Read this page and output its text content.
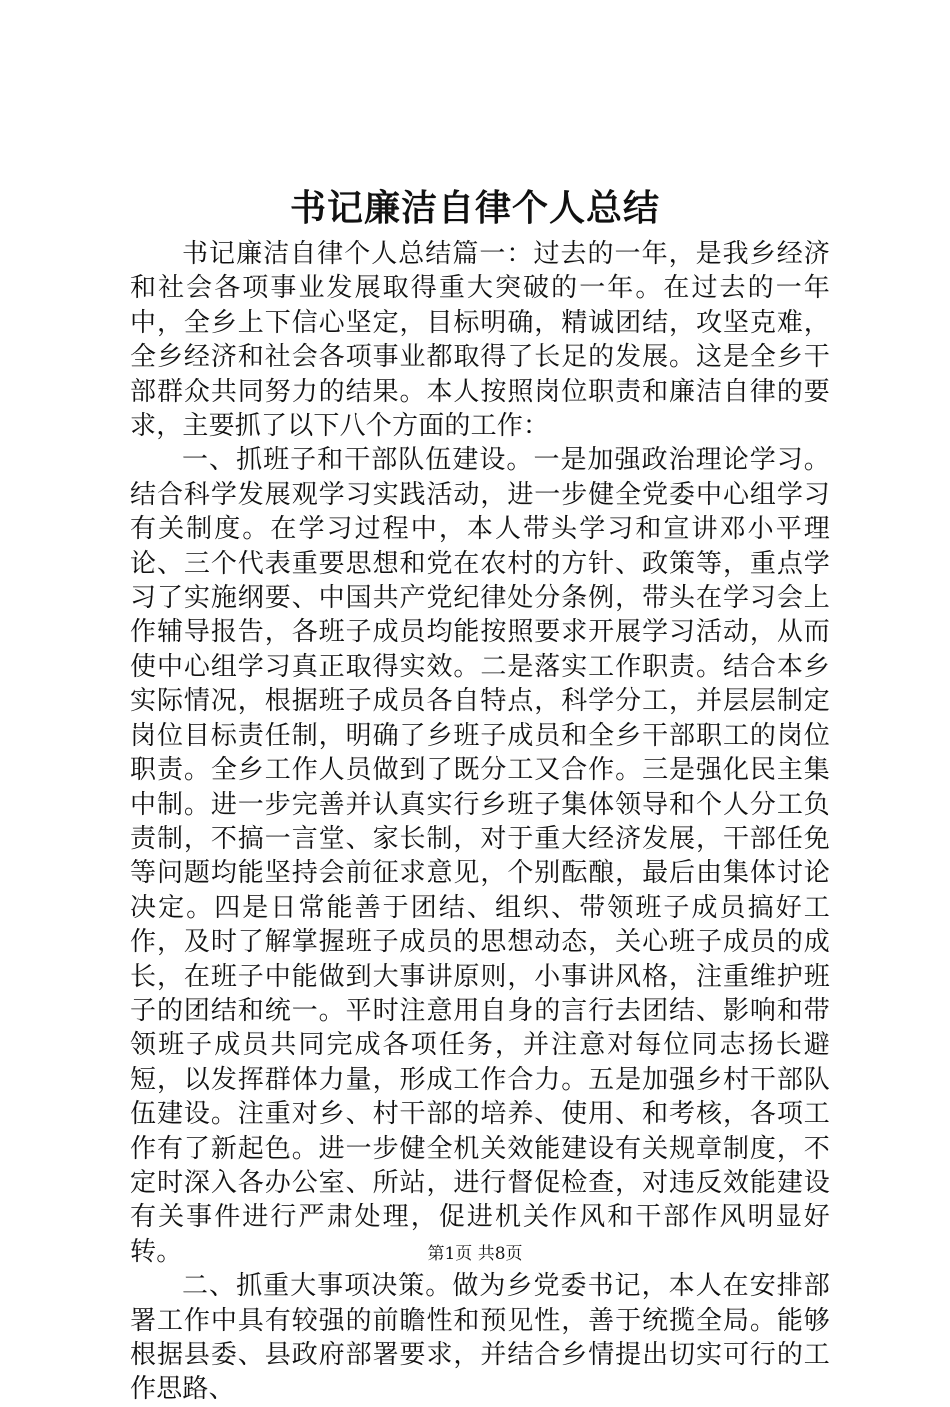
书记廉洁自律个人总结

书记廉洁自律个人总结篇一：过去的一年，是我乡经济和社会各项事业发展取得重大突破的一年。在过去的一年中，全乡上下信心坚定，目标明确，精诚团结，攻坚克难，全乡经济和社会各项事业都取得了长足的发展。这是全乡干部群众共同努力的结果。本人按照岗位职责和廉洁自律的要求，主要抓了以下八个方面的工作：

一、抓班子和干部队伍建设。一是加强政治理论学习。结合科学发展观学习实践活动，进一步健全党委中心组学习有关制度。在学习过程中，本人带头学习和宣讲邓小平理论、三个代表重要思想和党在农村的方针、政策等，重点学习了实施纲要、中国共产党纪律处分条例，带头在学习会上作辅导报告，各班子成员均能按照要求开展学习活动，从而使中心组学习真正取得实效。二是落实工作职责。结合本乡实际情况，根据班子成员各自特点，科学分工，并层层制定岗位目标责任制，明确了乡班子成员和全乡干部职工的岗位职责。全乡工作人员做到了既分工又合作。三是强化民主集中制。进一步完善并认真实行乡班子集体领导和个人分工负责制，不搞一言堂、家长制，对于重大经济发展，干部任免等问题均能坚持会前征求意见，个别酝酿，最后由集体讨论决定。四是日常能善于团结、组织、带领班子成员搞好工作，及时了解掌握班子成员的思想动态，关心班子成员的成长，在班子中能做到大事讲原则，小事讲风格，注重维护班子的团结和统一。平时注意用自身的言行去团结、影响和带领班子成员共同完成各项任务，并注意对每位同志扬长避短，以发挥群体力量，形成工作合力。五是加强乡村干部队伍建设。注重对乡、村干部的培养、使用、和考核，各项工作有了新起色。进一步健全机关效能建设有关规章制度，不定时深入各办公室、所站，进行督促检查，对违反效能建设有关事件进行严肃处理，促进机关作风和干部作风明显好转。

二、抓重大事项决策。做为乡党委书记，本人在安排部署工作中具有较强的前瞻性和预见性，善于统揽全局。能够根据县委、县政府部署要求，并结合乡情提出切实可行的工作思路、

第1页 共8页
